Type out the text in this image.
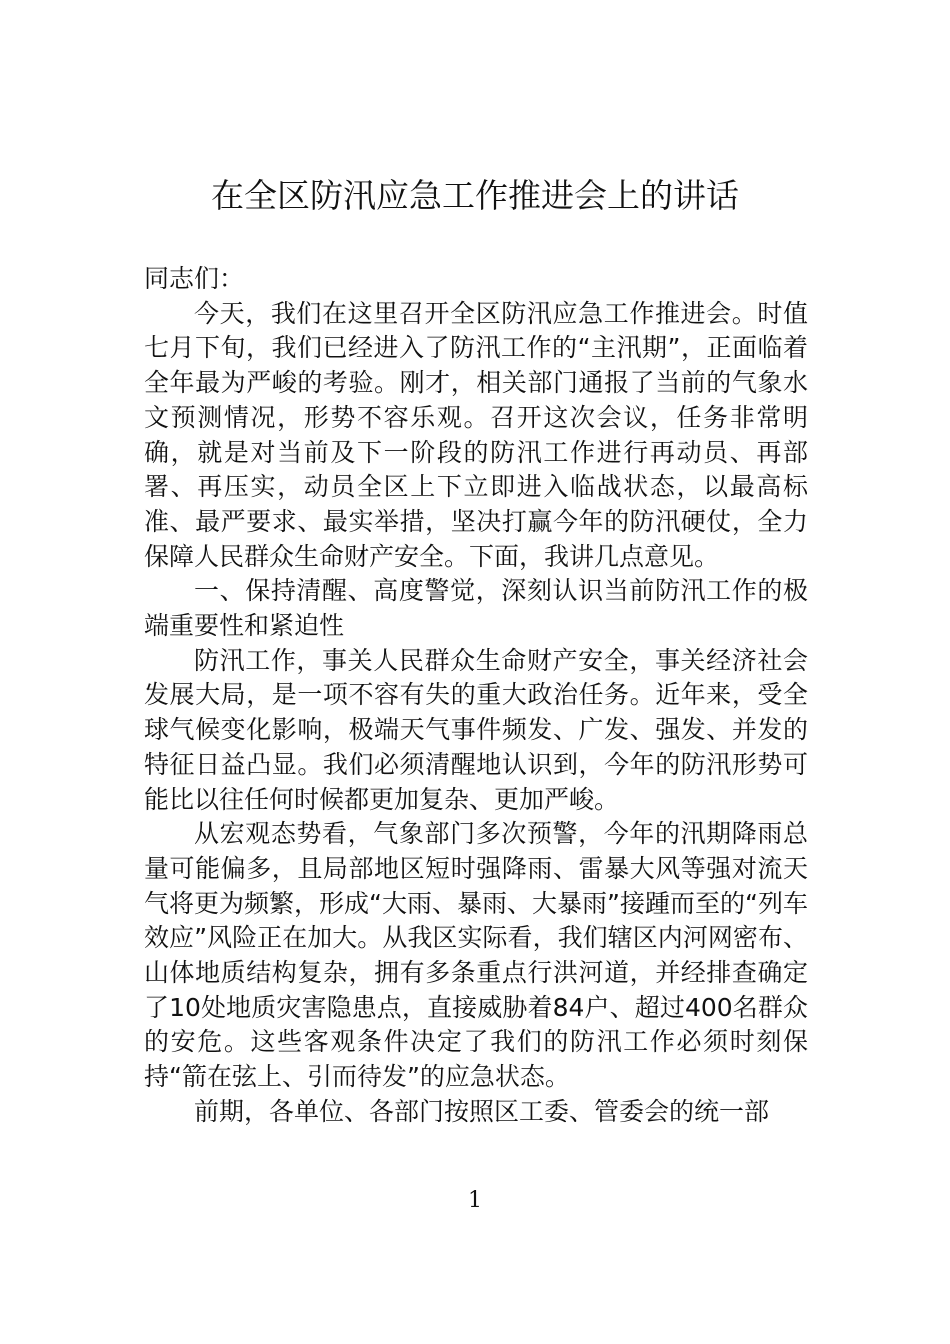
在全区防汛应急工作推进会上的讲话

同志们：

今天，我们在这里召开全区防汛应急工作推进会。时值七月下旬，我们已经进入了防汛工作的“主汛期”，正面临着全年最为严峻的考验。刚才，相关部门通报了当前的气象水文预测情况，形势不容乐观。召开这次会议，任务非常明确，就是对当前及下一阶段的防汛工作进行再动员、再部署、再压实，动员全区上下立即进入临战状态，以最高标准、最严要求、最实举措，坚决打赢今年的防汛硬仗，全力保障人民群众生命财产安全。下面，我讲几点意见。

一、保持清醒、高度警觉，深刻认识当前防汛工作的极端重要性和紧迫性

防汛工作，事关人民群众生命财产安全，事关经济社会发展大局，是一项不容有失的重大政治任务。近年来，受全球气候变化影响，极端天气事件频发、广发、强发、并发的特征日益凸显。我们必须清醒地认识到，今年的防汛形势可能比以往任何时候都更加复杂、更加严峻。

从宏观态势看，气象部门多次预警，今年的汛期降雨总量可能偏多，且局部地区短时强降雨、雷暴大风等强对流天气将更为频繁，形成“大雨、暴雨、大暴雨”接踵而至的“列车效应”风险正在加大。从我区实际看，我们辖区内河网密布、山体地质结构复杂，拥有多条重点行洪河道，并经排查确定了10处地质灾害隐患点，直接威胁着84户、超过400名群众的安危。这些客观条件决定了我们的防汛工作必须时刻保持“箭在弦上、引而待发”的应急状态。

前期，各单位、各部门按照区工委、管委会的统一部

1
